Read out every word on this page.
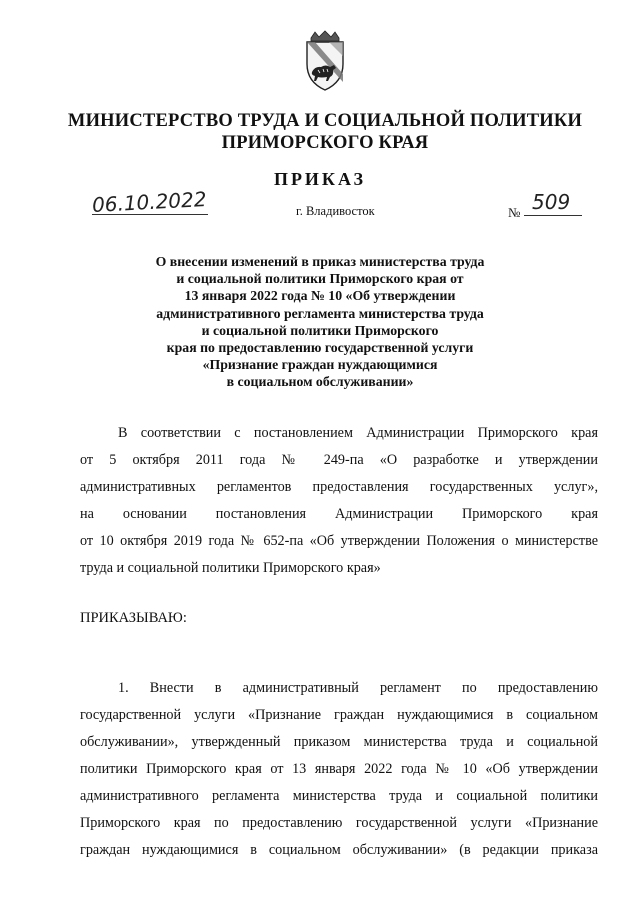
МИНИСТЕРСТВО ТРУДА И СОЦИАЛЬНОЙ ПОЛИТИКИ
ПРИМОРСКОГО КРАЯ
ПРИКАЗ
06.10.2022	г. Владивосток	№ 509
О внесении изменений в приказ министерства труда
и социальной политики Приморского края от
13 января 2022 года № 10 «Об утверждении
административного регламента министерства труда
и социальной политики Приморского
края по предоставлению государственной услуги
«Признание граждан нуждающимися
в социальном обслуживании»
В соответствии с постановлением Администрации Приморского края
от 5 октября 2011 года № 249-па «О разработке и утверждении
административных регламентов предоставления государственных услуг»,
на основании постановления Администрации Приморского края
от 10 октября 2019 года № 652-па «Об утверждении Положения о министерстве
труда и социальной политики Приморского края»
ПРИКАЗЫВАЮ:
1. Внести в административный регламент по предоставлению
государственной услуги «Признание граждан нуждающимися в социальном
обслуживании», утвержденный приказом министерства труда и социальной
политики Приморского края от 13 января 2022 года № 10 «Об утверждении
административного регламента министерства труда и социальной политики
Приморского края по предоставлению государственной услуги «Признание
граждан нуждающимися в социальном обслуживании» (в редакции приказа
